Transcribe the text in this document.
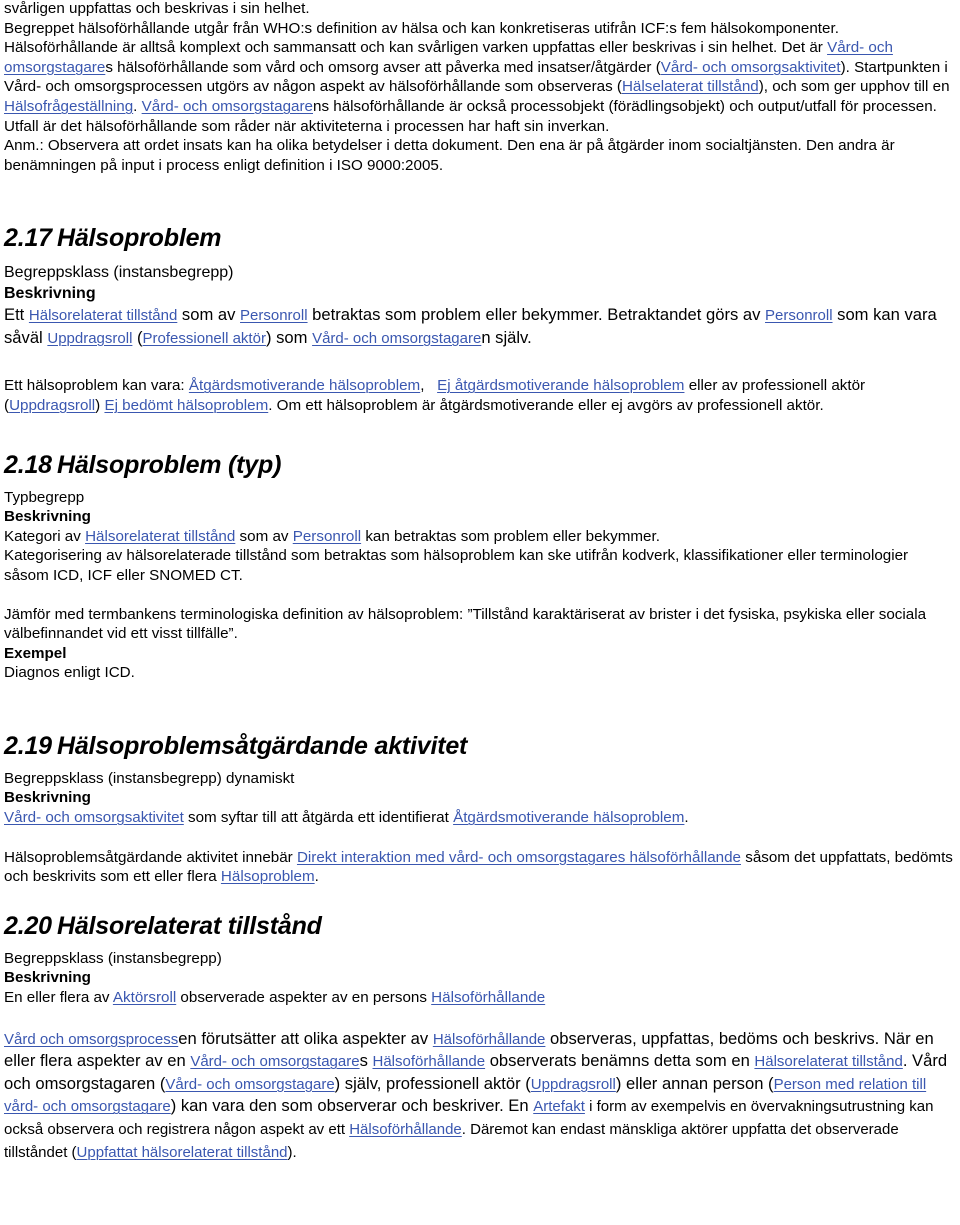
svårligen uppfattas och beskrivas i sin helhet.

Begreppet hälsoförhållande utgår från WHO:s definition av hälsa och kan konkretiseras utifrån ICF:s fem hälsokomponenter. Hälsoförhållande är alltså komplext och sammansatt och kan svårligen varken uppfattas eller beskrivas i sin helhet. Det är Vård- och omsorgstagares hälsoförhållande som vård och omsorg avser att påverka med insatser/åtgärder (Vård- och omsorgsaktivitet). Startpunkten i Vård- och omsorgsprocessen utgörs av någon aspekt av hälsoförhållande som observeras (Hälselaterat tillstånd), och som ger upphov till en Hälsofrågeställning. Vård- och omsorgstagarens hälsoförhållande är också processobjekt (förädlingsobjekt) och output/utfall för processen. Utfall är det hälsoförhållande som råder när aktiviteterna i processen har haft sin inverkan.

Anm.: Observera att ordet insats kan ha olika betydelser i detta dokument. Den ena är på åtgärder inom socialtjänsten. Den andra är benämningen på input i process enligt definition i ISO 9000:2005.

2.17 Hälsoproblem

Begreppsklass (instansbegrepp)

Beskrivning

Ett Hälsorelaterat tillstånd som av Personroll betraktas som problem eller bekymmer. Betraktandet görs av Personroll som kan vara såväl Uppdragsroll (Professionell aktör) som Vård- och omsorgstagaren själv.

Ett hälsoproblem kan vara: Åtgärdsmotiverande hälsoproblem,   Ej åtgärdsmotiverande hälsoproblem eller av professionell aktör (Uppdragsroll) Ej bedömt hälsoproblem. Om ett hälsoproblem är åtgärdsmotiverande eller ej avgörs av professionell aktör.

2.18 Hälsoproblem (typ)

Typbegrepp

Beskrivning

Kategori av Hälsorelaterat tillstånd som av Personroll kan betraktas som problem eller bekymmer.

Kategorisering av hälsorelaterade tillstånd som betraktas som hälsoproblem kan ske utifrån kodverk, klassifikationer eller terminologier såsom ICD, ICF eller SNOMED CT.

Jämför med termbankens terminologiska definition av hälsoproblem: ”Tillstånd karaktäriserat av brister i det fysiska, psykiska eller sociala välbefinnandet vid ett visst tillfälle”.

Exempel

Diagnos enligt ICD.

2.19 Hälsoproblemsåtgärdande aktivitet

Begreppsklass (instansbegrepp) dynamiskt

Beskrivning

Vård- och omsorgsaktivitet som syftar till att åtgärda ett identifierat Åtgärdsmotiverande hälsoproblem.

Hälsoproblemsåtgärdande aktivitet innebär Direkt interaktion med vård- och omsorgstagares hälsoförhållande såsom det uppfattats, bedömts och beskrivits som ett eller flera Hälsoproblem.

2.20 Hälsorelaterat tillstånd

Begreppsklass (instansbegrepp)

Beskrivning

En eller flera av Aktörsroll observerade aspekter av en persons Hälsoförhållande

Vård och omsorgsprocessen förutsätter att olika aspekter av Hälsoförhållande observeras, uppfattas, bedöms och beskrivs. När en eller flera aspekter av en Vård- och omsorgstagares Hälsoförhållande observerats benämns detta som en Hälsorelaterat tillstånd. Vård och omsorgstagaren (Vård- och omsorgstagare) själv, professionell aktör (Uppdragsroll) eller annan person (Person med relation till vård- och omsorgstagare) kan vara den som observerar och beskriver. En Artefakt i form av exempelvis en övervakningsutrustning kan också observera och registrera någon aspekt av ett Hälsoförhållande. Däremot kan endast mänskliga aktörer uppfatta det observerade tillståndet (Uppfattat hälsorelaterat tillstånd).
